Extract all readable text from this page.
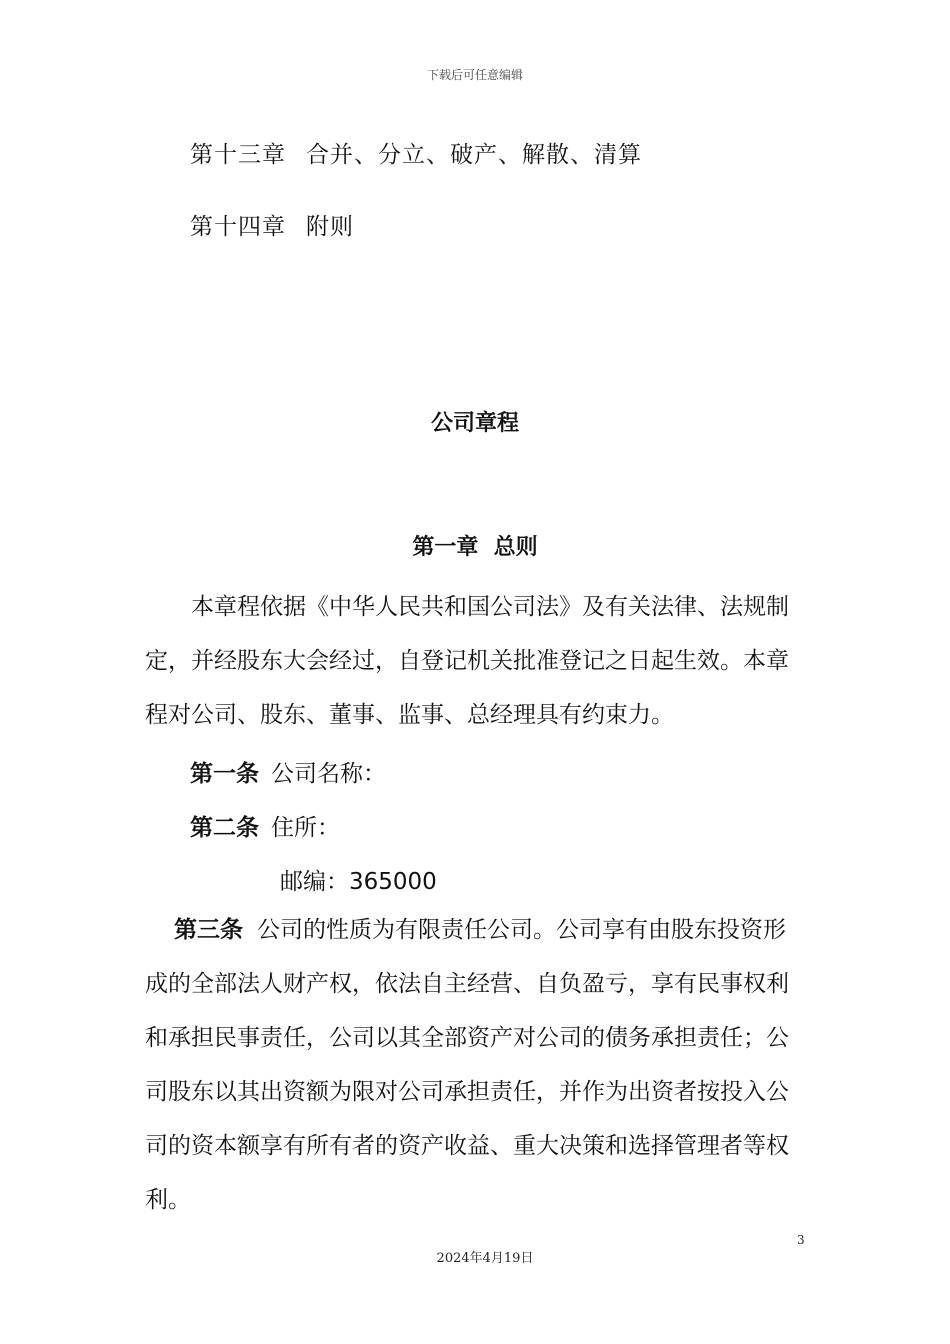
下载后可任意编辑
第十三章 合并、分立、破产、解散、清算
第十四章 附则
公司章程
第一章  总则
本章程依据《中华人民共和国公司法》及有关法律、法规制定，并经股东大会经过，自登记机关批准登记之日起生效。本章程对公司、股东、董事、监事、总经理具有约束力。
第一条 公司名称：
第二条 住所：
邮编：365000
第三条 公司的性质为有限责任公司。公司享有由股东投资形成的全部法人财产权，依法自主经营、自负盈亏，享有民事权利和承担民事责任，公司以其全部资产对公司的债务承担责任；公司股东以其出资额为限对公司承担责任，并作为出资者按投入公司的资本额享有所有者的资产收益、重大决策和选择管理者等权利。
3
2024年4月19日
